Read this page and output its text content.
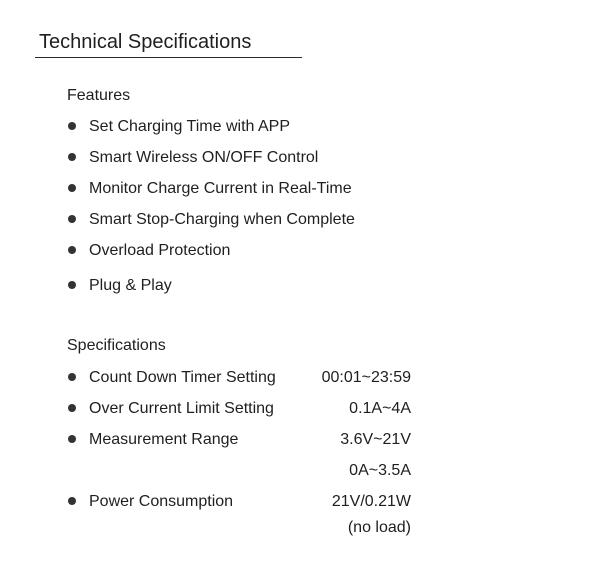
Technical Specifications
Features
Set Charging Time with APP
Smart Wireless ON/OFF Control
Monitor Charge Current in Real-Time
Smart Stop-Charging when Complete
Overload Protection
Plug & Play
Specifications
Count Down Timer Setting	00:01~23:59
Over Current Limit Setting	0.1A~4A
Measurement Range	3.6V~21V
0A~3.5A
Power Consumption	21V/0.21W
(no load)
